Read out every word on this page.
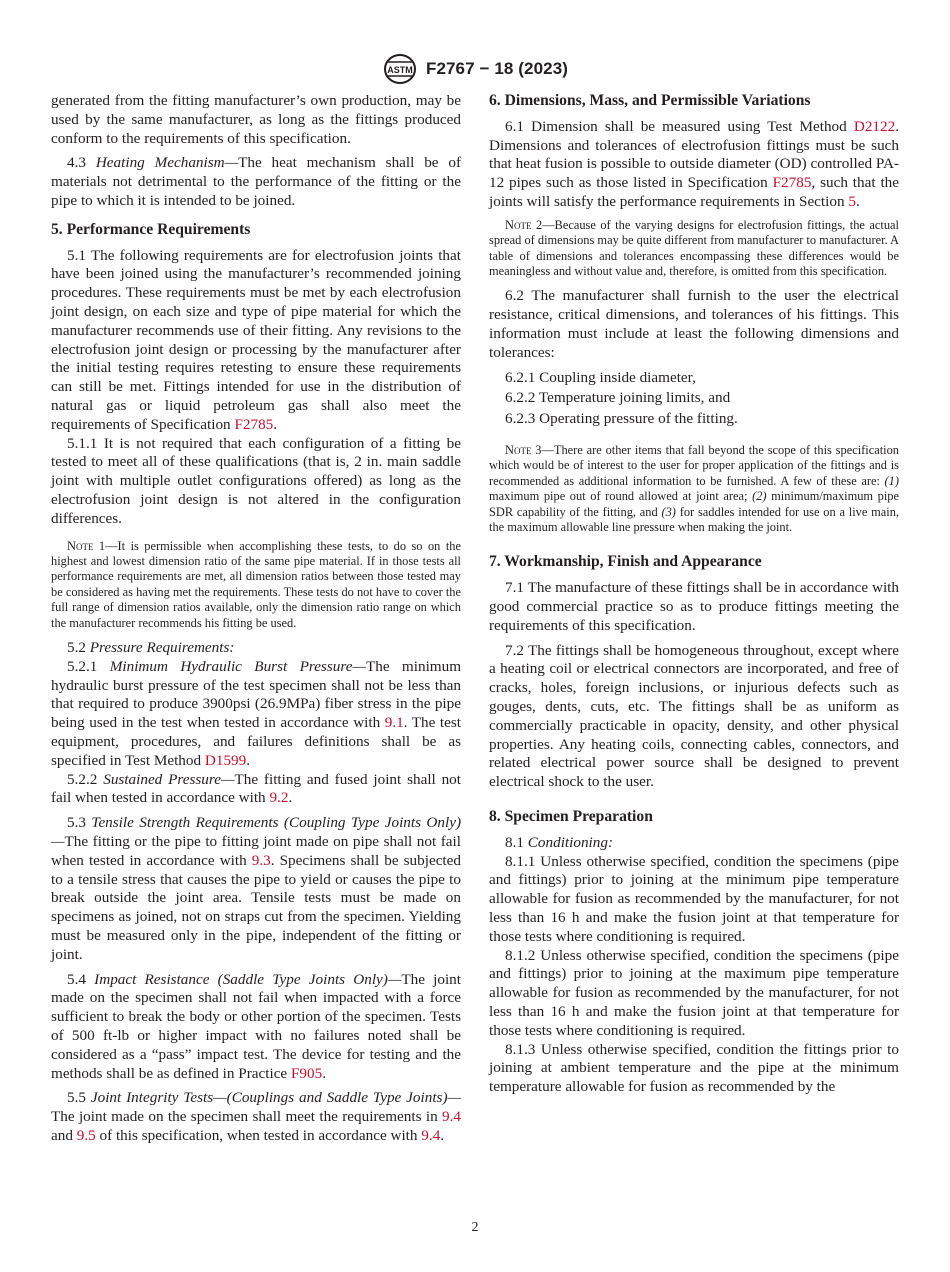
ASTM F2767 − 18 (2023)

generated from the fitting manufacturer’s own production, may be used by the same manufacturer, as long as the fittings produced conform to the requirements of this specification.

4.3 Heating Mechanism—The heat mechanism shall be of materials not detrimental to the performance of the fitting or the pipe to which it is intended to be joined.

5. Performance Requirements

5.1 The following requirements are for electrofusion joints that have been joined using the manufacturer’s recommended joining procedures. These requirements must be met by each electrofusion joint design, on each size and type of pipe material for which the manufacturer recommends use of their fitting. Any revisions to the electrofusion joint design or processing by the manufacturer after the initial testing requires retesting to ensure these requirements can still be met. Fittings intended for use in the distribution of natural gas or liquid petroleum gas shall also meet the requirements of Specification F2785.

5.1.1 It is not required that each configuration of a fitting be tested to meet all of these qualifications (that is, 2 in. main saddle joint with multiple outlet configurations offered) as long as the electrofusion joint design is not altered in the configuration differences.

Note 1—It is permissible when accomplishing these tests, to do so on the highest and lowest dimension ratio of the same pipe material. If in those tests all performance requirements are met, all dimension ratios between those tested may be considered as having met the requirements. These tests do not have to cover the full range of dimension ratios available, only the dimension ratio range on which the manufacturer recommends his fitting be used.

5.2 Pressure Requirements:

5.2.1 Minimum Hydraulic Burst Pressure—The minimum hydraulic burst pressure of the test specimen shall not be less than that required to produce 3900psi (26.9MPa) fiber stress in the pipe being used in the test when tested in accordance with 9.1. The test equipment, procedures, and failures definitions shall be as specified in Test Method D1599.

5.2.2 Sustained Pressure—The fitting and fused joint shall not fail when tested in accordance with 9.2.

5.3 Tensile Strength Requirements (Coupling Type Joints Only)—The fitting or the pipe to fitting joint made on pipe shall not fail when tested in accordance with 9.3. Specimens shall be subjected to a tensile stress that causes the pipe to yield or causes the pipe to break outside the joint area. Tensile tests must be made on specimens as joined, not on straps cut from the specimen. Yielding must be measured only in the pipe, independent of the fitting or joint.

5.4 Impact Resistance (Saddle Type Joints Only)—The joint made on the specimen shall not fail when impacted with a force sufficient to break the body or other portion of the specimen. Tests of 500 ft-lb or higher impact with no failures noted shall be considered as a “pass” impact test. The device for testing and the methods shall be as defined in Practice F905.

5.5 Joint Integrity Tests—(Couplings and Saddle Type Joints)—The joint made on the specimen shall meet the requirements in 9.4 and 9.5 of this specification, when tested in accordance with 9.4.

6. Dimensions, Mass, and Permissible Variations

6.1 Dimension shall be measured using Test Method D2122. Dimensions and tolerances of electrofusion fittings must be such that heat fusion is possible to outside diameter (OD) controlled PA-12 pipes such as those listed in Specification F2785, such that the joints will satisfy the performance requirements in Section 5.

Note 2—Because of the varying designs for electrofusion fittings, the actual spread of dimensions may be quite different from manufacturer to manufacturer. A table of dimensions and tolerances encompassing these differences would be meaningless and without value and, therefore, is omitted from this specification.

6.2 The manufacturer shall furnish to the user the electrical resistance, critical dimensions, and tolerances of his fittings. This information must include at least the following dimensions and tolerances:

6.2.1 Coupling inside diameter,

6.2.2 Temperature joining limits, and

6.2.3 Operating pressure of the fitting.

Note 3—There are other items that fall beyond the scope of this specification which would be of interest to the user for proper application of the fittings and is recommended as additional information to be furnished. A few of these are: (1) maximum pipe out of round allowed at joint area; (2) minimum/maximum pipe SDR capability of the fitting, and (3) for saddles intended for use on a live main, the maximum allowable line pressure when making the joint.

7. Workmanship, Finish and Appearance

7.1 The manufacture of these fittings shall be in accordance with good commercial practice so as to produce fittings meeting the requirements of this specification.

7.2 The fittings shall be homogeneous throughout, except where a heating coil or electrical connectors are incorporated, and free of cracks, holes, foreign inclusions, or injurious defects such as gouges, dents, cuts, etc. The fittings shall be as uniform as commercially practicable in opacity, density, and other physical properties. Any heating coils, connecting cables, connectors, and related electrical power source shall be designed to prevent electrical shock to the user.

8. Specimen Preparation

8.1 Conditioning:

8.1.1 Unless otherwise specified, condition the specimens (pipe and fittings) prior to joining at the minimum pipe temperature allowable for fusion as recommended by the manufacturer, for not less than 16 h and make the fusion joint at that temperature for those tests where conditioning is required.

8.1.2 Unless otherwise specified, condition the specimens (pipe and fittings) prior to joining at the maximum pipe temperature allowable for fusion as recommended by the manufacturer, for not less than 16 h and make the fusion joint at that temperature for those tests where conditioning is required.

8.1.3 Unless otherwise specified, condition the fittings prior to joining at ambient temperature and the pipe at the minimum temperature allowable for fusion as recommended by the

2
